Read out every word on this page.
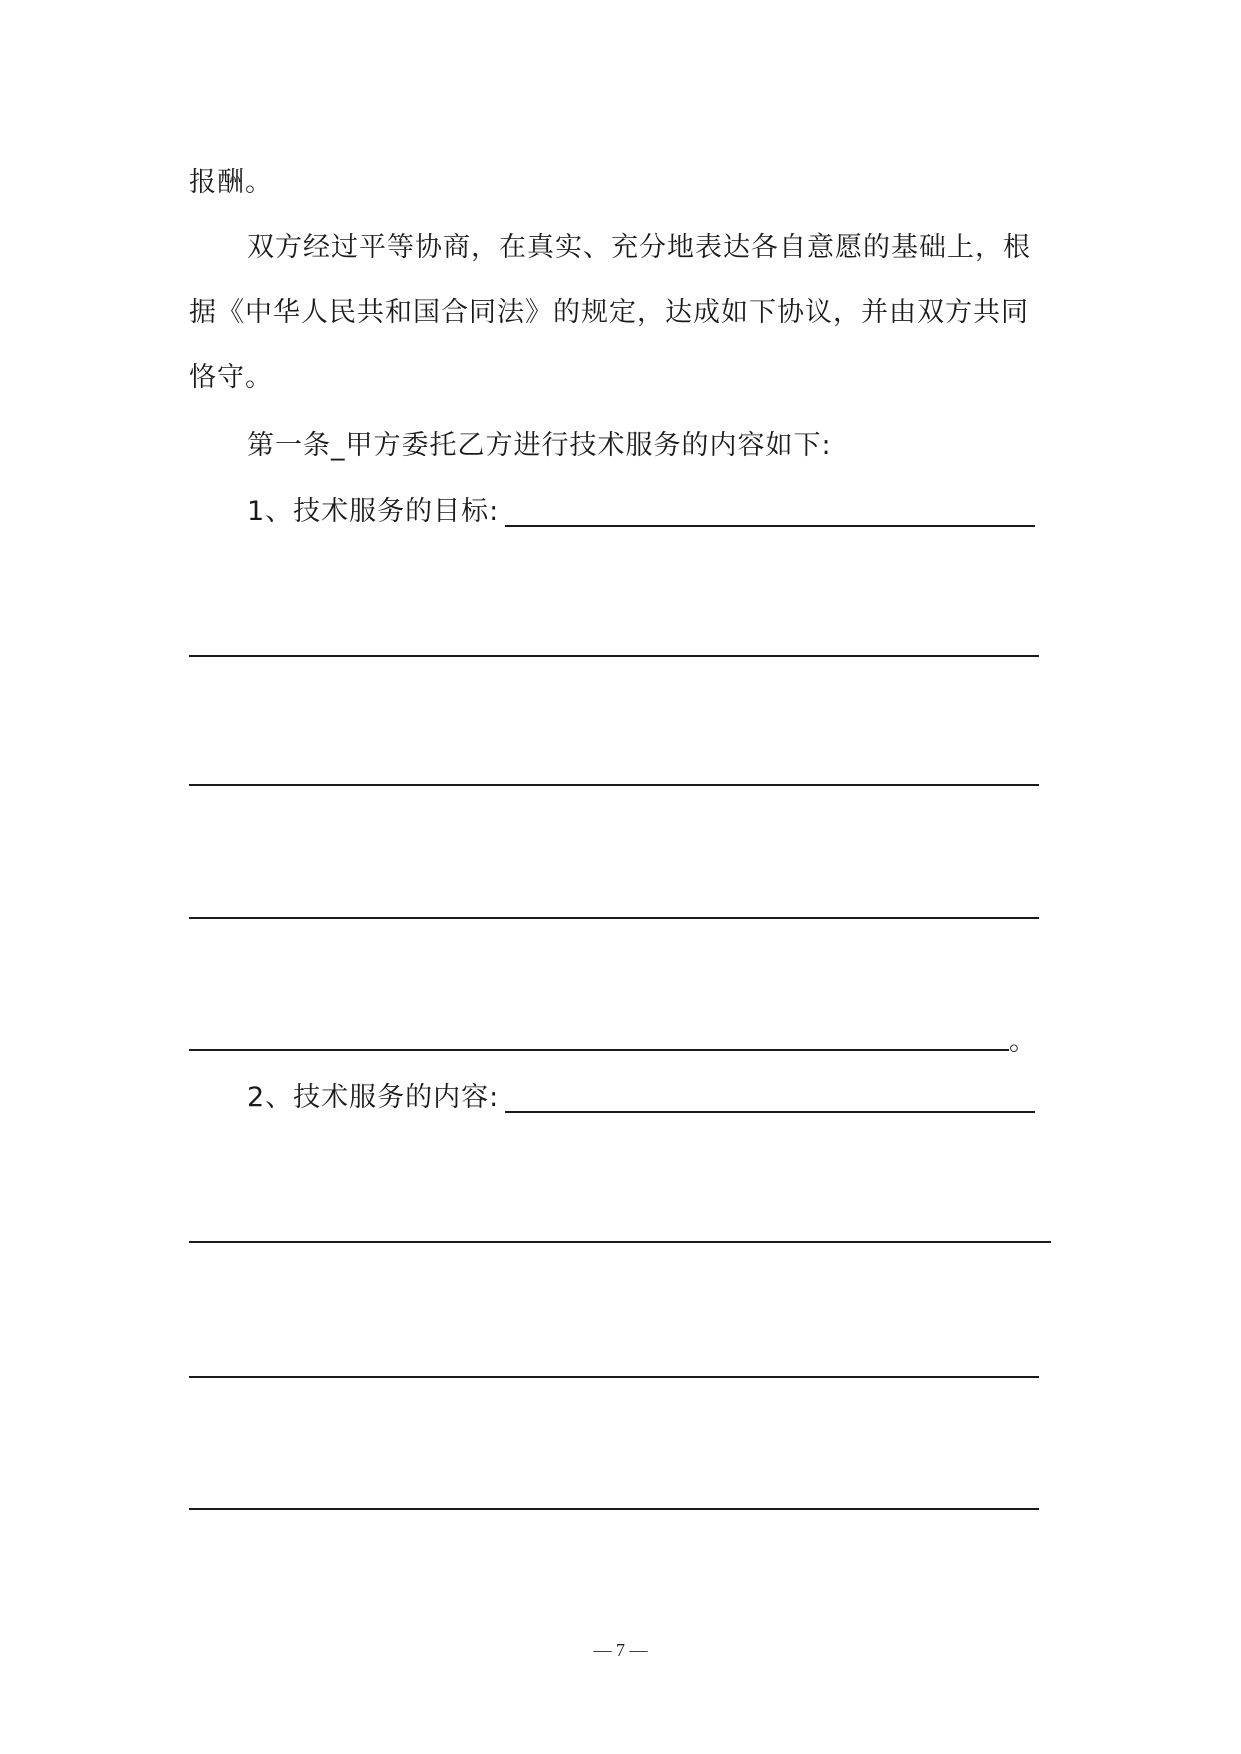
报酬。
双方经过平等协商，在真实、充分地表达各自意愿的基础上，根
据《中华人民共和国合同法》的规定，达成如下协议，并由双方共同
恪守。
第一条_甲方委托乙方进行技术服务的内容如下:
1、技术服务的目标:
。
2、技术服务的内容:
— 7 —
